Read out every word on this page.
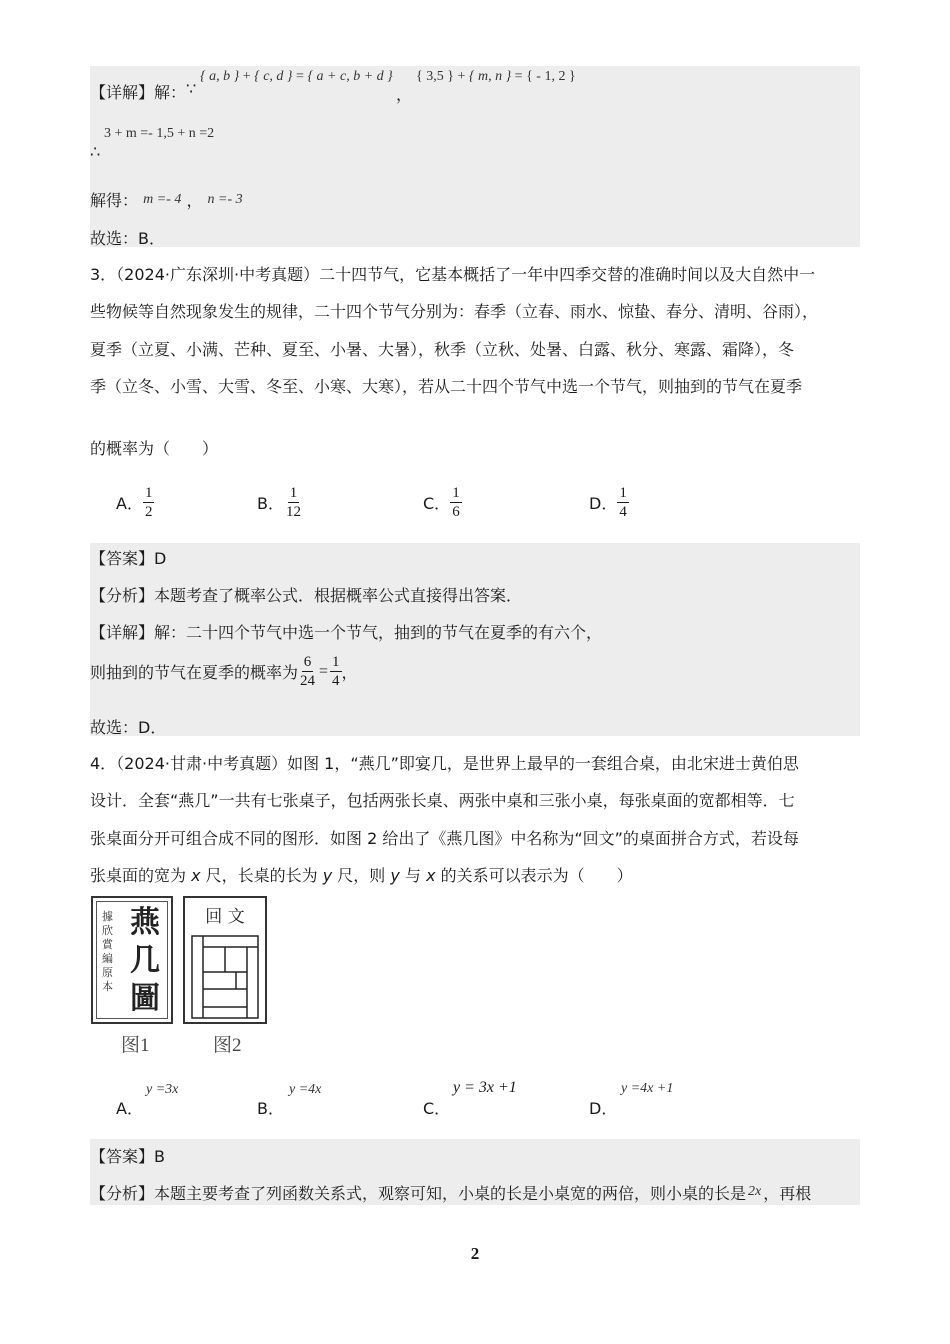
【详解】解：∵
{ a, b } + { c, d } = { a + c, b + d }
，
{ 3,5 } + { m, n } = { - 1, 2 }
3 + m =- 1,5 + n =2
∴
解得： m =- 4 ， n =- 3
故选：B．
3．（2024·广东深圳·中考真题）二十四节气，它基本概括了一年中四季交替的准确时间以及大自然中一
些物候等自然现象发生的规律，二十四个节气分别为：春季（立春、雨水、惊蛰、春分、清明、谷雨），
夏季（立夏、小满、芒种、夏至、小暑、大暑），秋季（立秋、处暑、白露、秋分、寒露、霜降），冬
季（立冬、小雪、大雪、冬至、小寒、大寒），若从二十四个节气中选一个节气，则抽到的节气在夏季
的概率为（　　）
A． $\frac{1}{2}$	B． $\frac{1}{12}$	C． $\frac{1}{6}$	D． $\frac{1}{4}$
【答案】D
【分析】本题考查了概率公式．根据概率公式直接得出答案．
【详解】解：二十四个节气中选一个节气，抽到的节气在夏季的有六个，
则抽到的节气在夏季的概率为 $\frac{6}{24} = \frac{1}{4}$ ，
故选：D．
4．（2024·甘肃·中考真题）如图 1，“燕几”即宴几，是世界上最早的一套组合桌，由北宋进士黄伯思
设计．全套“燕几”一共有七张桌子，包括两张长桌、两张中桌和三张小桌，每张桌面的宽都相等．七
张桌面分开可组合成不同的图形．如图 2 给出了《燕几图》中名称为“回文”的桌面拼合方式，若设每
张桌面的宽为 x 尺，长桌的长为 y 尺，则 y 与 x 的关系可以表示为（　　）
據
欣
賞
編
原
本
燕
几
圖
图1
回 文
图2
A．
y =3x
B．
y =4x
C．
y = 3x +1
D．
y =4x +1
【答案】B
【分析】本题主要考查了列函数关系式，观察可知，小桌的长是小桌宽的两倍，则小桌的长是 2x ，再根
2
